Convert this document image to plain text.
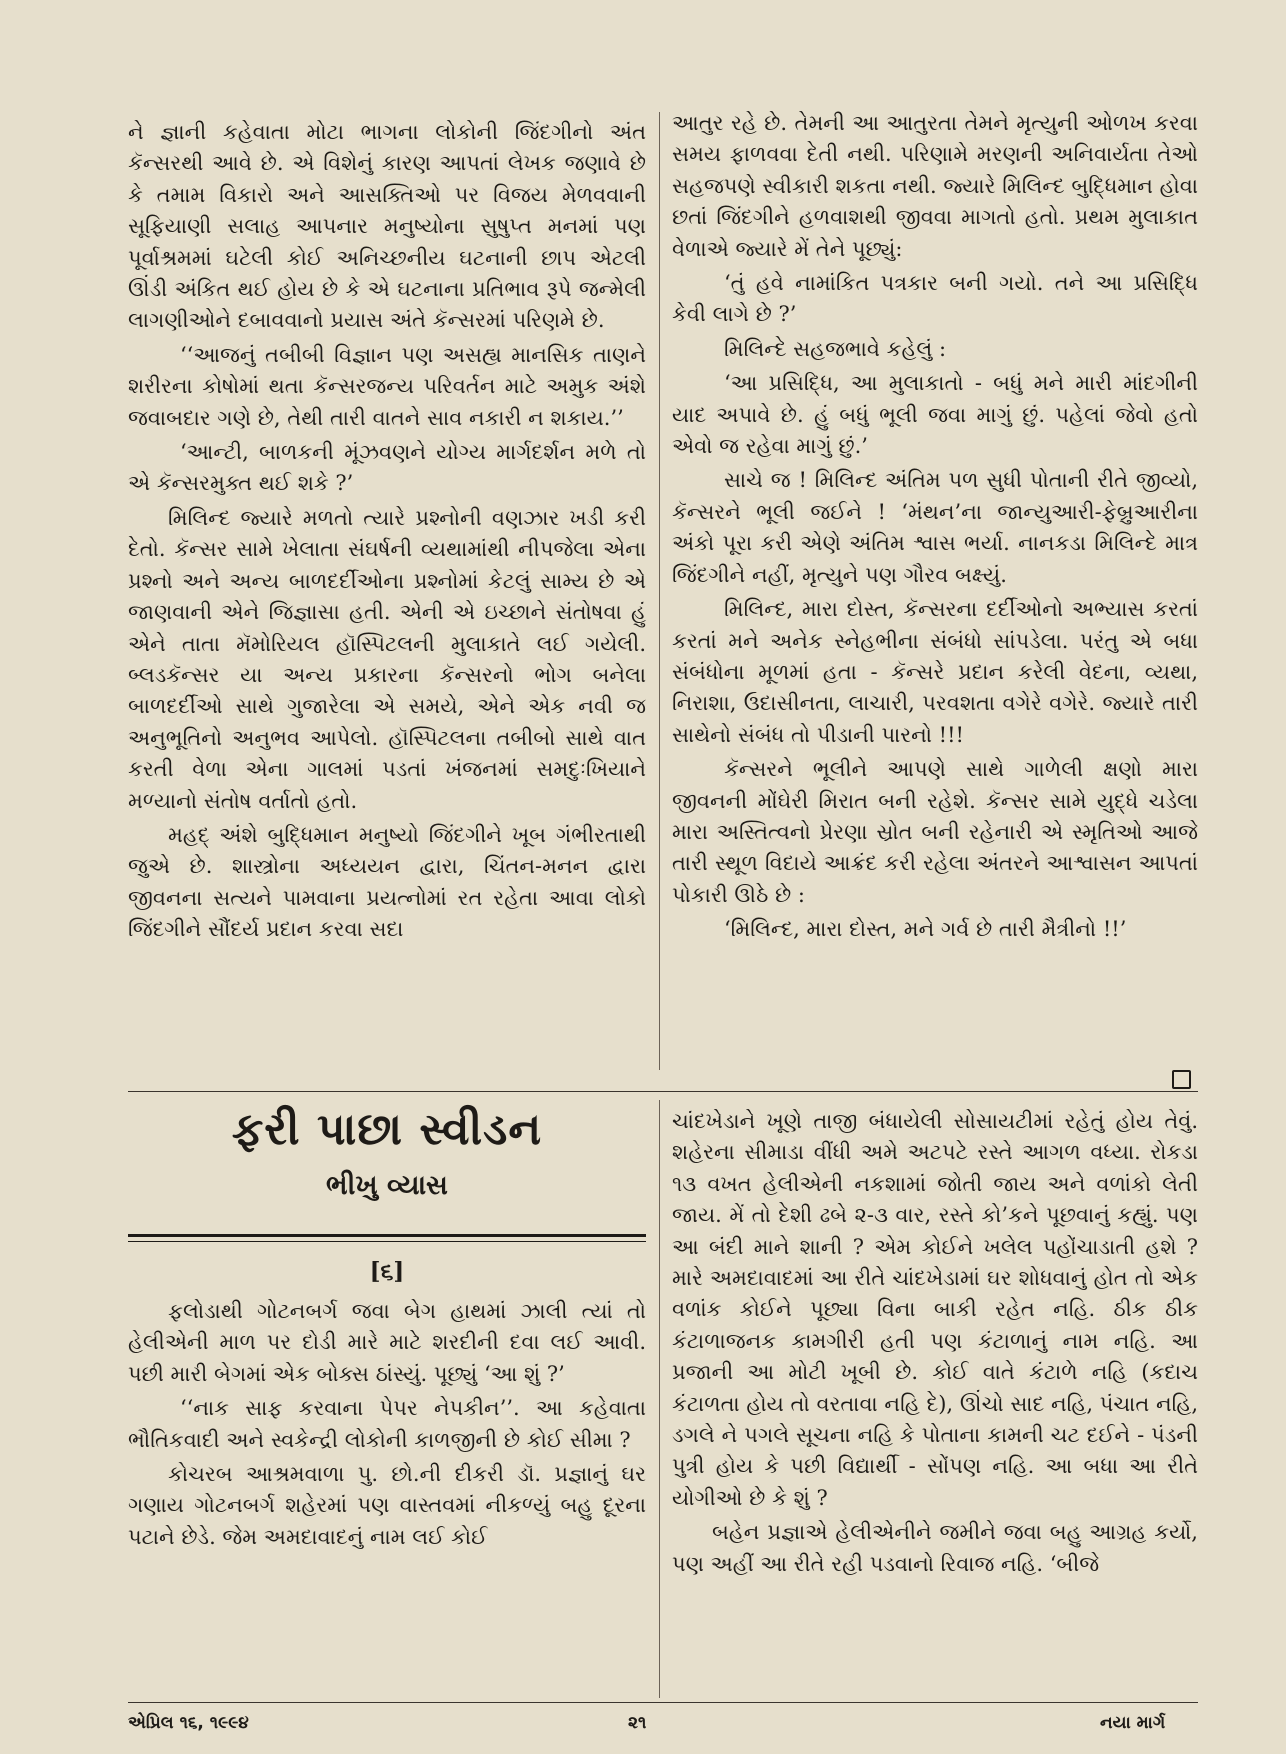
ને જ્ઞાની કહેવાતા મોટા ભાગના લોકોની જિંદગીનો અંત કૅન્સરથી આવે છે. એ વિશેનું કારણ આપતાં લેખક જણાવે છે કે તમામ વિકારો અને આસક્તિઓ પર વિજય મેળવવાની સૂફિયાણી સલાહ આપનાર મનુષ્યોના સુષુપ્ત મનમાં પણ પૂર્વાશ્રમમાં ઘટેલી કોઈ અનિચ્છનીય ઘટનાની છાપ એટલી ઊંડી અંકિત થઈ હોય છે કે એ ઘટનાના પ્રતિભાવ રૂપે જન્મેલી લાગણીઓને દબાવવાનો પ્રયાસ અંતે કૅન્સરમાં પરિણમે છે.

‘‘આજનું તબીબી વિજ્ઞાન પણ અસહ્ય માનસિક તાણને શરીરના કોષોમાં થતા કૅન્સરજન્ય પરિવર્તન માટે અમુક અંશે જવાબદાર ગણે છે, તેથી તારી વાતને સાવ નકારી ન શકાય.’’

‘આન્ટી, બાળકની મૂંઝવણને યોગ્ય માર્ગદર્શન મળે તો એ કૅન્સરમુક્ત થઈ શકે ?’

મિલિન્દ જ્યારે મળતો ત્યારે પ્રશ્નોની વણઝાર ખડી કરી દેતો. કૅન્સર સામે ખેલાતા સંઘર્ષની વ્યથામાંથી નીપજેલા એના પ્રશ્નો અને અન્ય બાળદર્દીઓના પ્રશ્નોમાં કેટલું સામ્ય છે એ જાણવાની એને જિજ્ઞાસા હતી. એની એ ઇચ્છાને સંતોષવા હું એને તાતા મૅમોરિયલ હૉસ્પિટલની મુલાકાતે લઈ ગયેલી. બ્લડકૅન્સર યા અન્ય પ્રકારના કૅન્સરનો ભોગ બનેલા બાળદર્દીઓ સાથે ગુજારેલા એ સમયે, એને એક નવી જ અનુભૂતિનો અનુભવ આપેલો. હૉસ્પિટલના તબીબો સાથે વાત કરતી વેળા એના ગાલમાં પડતાં ખંજનમાં સમદુઃખિયાને મળ્યાનો સંતોષ વર્તાતો હતો.

મહદ્ અંશે બુદ્ધિમાન મનુષ્યો જિંદગીને ખૂબ ગંભીરતાથી જુએ છે. શાસ્ત્રોના અધ્યયન દ્વારા, ચિંતન-મનન દ્વારા જીવનના સત્યને પામવાના પ્રયત્નોમાં રત રહેતા આવા લોકો જિંદગીને સૌંદર્ય પ્રદાન કરવા સદા

આતુર રહે છે. તેમની આ આતુરતા તેમને મૃત્યુની ઓળખ કરવા સમય ફાળવવા દેતી નથી. પરિણામે મરણની અનિવાર્યતા તેઓ સહજપણે સ્વીકારી શકતા નથી. જ્યારે મિલિન્દ બુદ્ધિમાન હોવા છતાં જિંદગીને હળવાશથી જીવવા માગતો હતો. પ્રથમ મુલાકાત વેળાએ જ્યારે મેં તેને પૂછ્યું:

‘તું હવે નામાંકિત પત્રકાર બની ગયો. તને આ પ્રસિદ્ધિ કેવી લાગે છે ?’

મિલિન્દે સહજભાવે કહેલું :

‘આ પ્રસિદ્ધિ, આ મુલાકાતો - બધું મને મારી માંદગીની યાદ અપાવે છે. હું બધું ભૂલી જવા માગું છું. પહેલાં જેવો હતો એવો જ રહેવા માગું છું.’

સાચે જ ! મિલિન્દ અંતિમ પળ સુધી પોતાની રીતે જીવ્યો, કૅન્સરને ભૂલી જઈને ! ‘મંથન’ના જાન્યુઆરી-ફેબ્રુઆરીના અંકો પૂરા કરી એણે અંતિમ શ્વાસ ભર્યા. નાનકડા મિલિન્દે માત્ર જિંદગીને નહીં, મૃત્યુને પણ ગૌરવ બક્ષ્યું.

મિલિન્દ, મારા દોસ્ત, કૅન્સરના દર્દીઓનો અભ્યાસ કરતાં કરતાં મને અનેક સ્નેહભીના સંબંધો સાંપડેલા. પરંતુ એ બધા સંબંધોના મૂળમાં હતા - કૅન્સરે પ્રદાન કરેલી વેદના, વ્યથા, નિરાશા, ઉદાસીનતા, લાચારી, પરવશતા વગેરે વગેરે. જ્યારે તારી સાથેનો સંબંધ તો પીડાની પારનો !!!

કૅન્સરને ભૂલીને આપણે સાથે ગાળેલી ક્ષણો મારા જીવનની મોંઘેરી મિરાત બની રહેશે. કૅન્સર સામે યુદ્ધે ચડેલા મારા અસ્તિત્વનો પ્રેરણા સ્રોત બની રહેનારી એ સ્મૃતિઓ આજે તારી સ્થૂળ વિદાયે આક્રંદ કરી રહેલા અંતરને આશ્વાસન આપતાં પોકારી ઊઠે છે :

‘મિલિન્દ, મારા દોસ્ત, મને ગર્વ છે તારી મૈત્રીનો !!’

ફરી પાછા સ્વીડન
ભીખુ વ્યાસ
[૬]

ફલોડાથી ગોટનબર્ગ જવા બેગ હાથમાં ઝાલી ત્યાં તો હેલીએની માળ પર દોડી મારે માટે શરદીની દવા લઈ આવી. પછી મારી બેગમાં એક બોક્સ ઠાંસ્યું. પૂછ્યું ‘આ શું ?’

‘‘નાક સાફ કરવાના પેપર નેપકીન’’. આ કહેવાતા ભૌતિકવાદી અને સ્વકેન્દ્રી લોકોની કાળજીની છે કોઈ સીમા ?

કોચરબ આશ્રમવાળા પુ. છો.ની દીકરી ડૉ. પ્રજ્ઞાનું ઘર ગણાય ગોટનબર્ગ શહેરમાં પણ વાસ્તવમાં નીકળ્યું બહુ દૂરના પટાને છેડે. જેમ અમદાવાદનું નામ લઈ કોઈ

ચાંદખેડાને ખૂણે તાજી બંધાયેલી સોસાયટીમાં રહેતું હોય તેવું. શહેરના સીમાડા વીંધી અમે અટપટે રસ્તે આગળ વધ્યા. રોકડા ૧૩ વખત હેલીએની નકશામાં જોતી જાય અને વળાંકો લેતી જાય. મેં તો દેશી ઢબે ૨-૩ વાર, રસ્તે કો’કને પૂછવાનું કહ્યું. પણ આ બંદી માને શાની ? એમ કોઈને ખલેલ પહોંચાડાતી હશે ? મારે અમદાવાદમાં આ રીતે ચાંદખેડામાં ઘર શોધવાનું હોત તો એક વળાંક કોઈને પૂછ્યા વિના બાકી રહેત નહિ. ઠીક ઠીક કંટાળાજનક કામગીરી હતી પણ કંટાળાનું નામ નહિ. આ પ્રજાની આ મોટી ખૂબી છે. કોઈ વાતે કંટાળે નહિ (કદાચ કંટાળતા હોય તો વરતાવા નહિ દે), ઊંચો સાદ નહિ, પંચાત નહિ, ડગલે ને પગલે સૂચના નહિ કે પોતાના કામની ચટ દઈને - પંડની પુત્રી હોય કે પછી વિદ્યાર્થી - સોંપણ નહિ. આ બધા આ રીતે યોગીઓ છે કે શું ?

બહેન પ્રજ્ઞાએ હેલીએનીને જમીને જવા બહુ આગ્રહ કર્યો, પણ અહીં આ રીતે રહી પડવાનો રિવાજ નહિ. ‘બીજે

એપ્રિલ ૧૬, ૧૯૯૪	૨૧	નયા માર્ગ
